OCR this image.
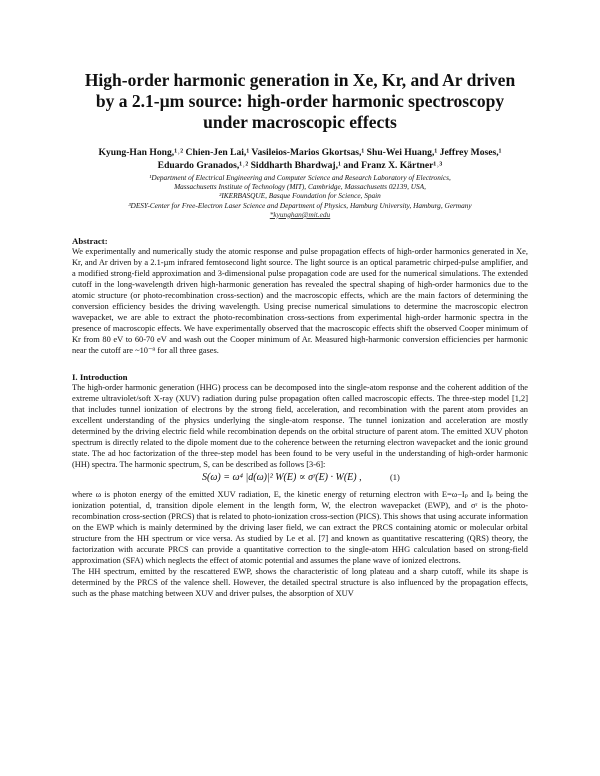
High-order harmonic generation in Xe, Kr, and Ar driven
by a 2.1-µm source: high-order harmonic spectroscopy
under macroscopic effects
Kyung-Han Hong,¹˒² Chien-Jen Lai,¹ Vasileios-Marios Gkortsas,¹ Shu-Wei Huang,¹ Jeffrey Moses,¹
Eduardo Granados,¹˒² Siddharth Bhardwaj,¹ and Franz X. Kärtner¹˒³
¹Department of Electrical Engineering and Computer Science and Research Laboratory of Electronics,
Massachusetts Institute of Technology (MIT), Cambridge, Massachusetts 02139, USA,
²IKERBASQUE, Basque Foundation for Science, Spain
³DESY-Center for Free-Electron Laser Science and Department of Physics, Hamburg University, Hamburg, Germany
*kyunghan@mit.edu
Abstract:

We experimentally and numerically study the atomic response and pulse propagation effects of high-order harmonics generated in Xe, Kr, and Ar driven by a 2.1-µm infrared femtosecond light source. The light source is an optical parametric chirped-pulse amplifier, and a modified strong-field approximation and 3-dimensional pulse propagation code are used for the numerical simulations. The extended cutoff in the long-wavelength driven high-harmonic generation has revealed the spectral shaping of high-order harmonics due to the atomic structure (or photo-recombination cross-section) and the macroscopic effects, which are the main factors of determining the conversion efficiency besides the driving wavelength. Using precise numerical simulations to determine the macroscopic electron wavepacket, we are able to extract the photo-recombination cross-sections from experimental high-order harmonic spectra in the presence of macroscopic effects. We have experimentally observed that the macroscopic effects shift the observed Cooper minimum of Kr from 80 eV to 60-70 eV and wash out the Cooper minimum of Ar. Measured high-harmonic conversion efficiencies per harmonic near the cutoff are ~10⁻⁹ for all three gases.

I. Introduction

The high-order harmonic generation (HHG) process can be decomposed into the single-atom response and the coherent addition of the extreme ultraviolet/soft X-ray (XUV) radiation during pulse propagation often called macroscopic effects. The three-step model [1,2] that includes tunnel ionization of electrons by the strong field, acceleration, and recombination with the parent atom provides an excellent understanding of the physics underlying the single-atom response. The tunnel ionization and acceleration are mostly determined by the driving electric field while recombination depends on the orbital structure of parent atom. The emitted XUV photon spectrum is directly related to the dipole moment due to the coherence between the returning electron wavepacket and the ionic ground state. The ad hoc factorization of the three-step model has been found to be very useful in the understanding of high-order harmonic (HH) spectra. The harmonic spectrum, S, can be described as follows [3-6]:

S(ω) = ω⁴ |d(ω)|² W(E) ∝ σʳ(E) · W(E) ,	(1)

where ω is photon energy of the emitted XUV radiation, E, the kinetic energy of returning electron with E=ω−Iₚ and Iₚ being the ionization potential, d, transition dipole element in the length form, W, the electron wavepacket (EWP), and σʳ is the photo-recombination cross-section (PRCS) that is related to photo-ionization cross-section (PICS). This shows that using accurate information on the EWP which is mainly determined by the driving laser field, we can extract the PRCS containing atomic or molecular orbital structure from the HH spectrum or vice versa. As studied by Le et al. [7] and known as quantitative rescattering (QRS) theory, the factorization with accurate PRCS can provide a quantitative correction to the single-atom HHG calculation based on strong-field approximation (SFA) which neglects the effect of atomic potential and assumes the plane wave of ionized electrons.

The HH spectrum, emitted by the rescattered EWP, shows the characteristic of long plateau and a sharp cutoff, while its shape is determined by the PRCS of the valence shell. However, the detailed spectral structure is also influenced by the propagation effects, such as the phase matching between XUV and driver pulses, the absorption of XUV
